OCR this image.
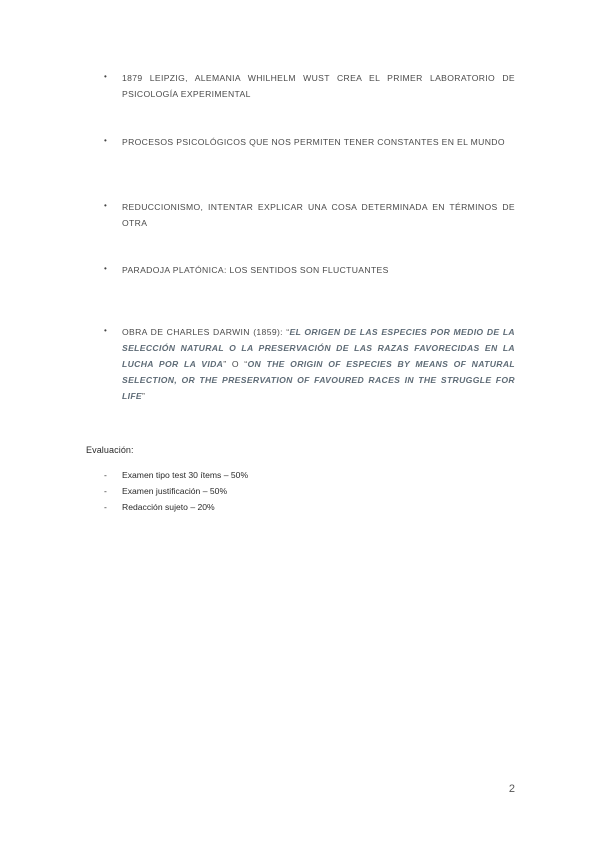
• 1879 LEIPZIG, ALEMANIA WHILHELM WUST CREA EL PRIMER LABORATORIO DE PSICOLOGÍA EXPERIMENTAL
• PROCESOS PSICOLÓGICOS QUE NOS PERMITEN TENER CONSTANTES EN EL MUNDO
• REDUCCIONISMO, INTENTAR EXPLICAR UNA COSA DETERMINADA EN TÉRMINOS DE OTRA
• PARADOJA PLATÓNICA: LOS SENTIDOS SON FLUCTUANTES
• OBRA DE CHARLES DARWIN (1859): “EL ORIGEN DE LAS ESPECIES POR MEDIO DE LA SELECCIÓN NATURAL O LA PRESERVACIÓN DE LAS RAZAS FAVORECIDAS EN LA LUCHA POR LA VIDA” O “ON THE ORIGIN OF ESPECIES BY MEANS OF NATURAL SELECTION, OR THE PRESERVATION OF FAVOURED RACES IN THE STRUGGLE FOR LIFE”
Evaluación:
- Examen tipo test 30 ítems – 50%
- Examen justificación – 50%
- Redacción sujeto – 20%
2
